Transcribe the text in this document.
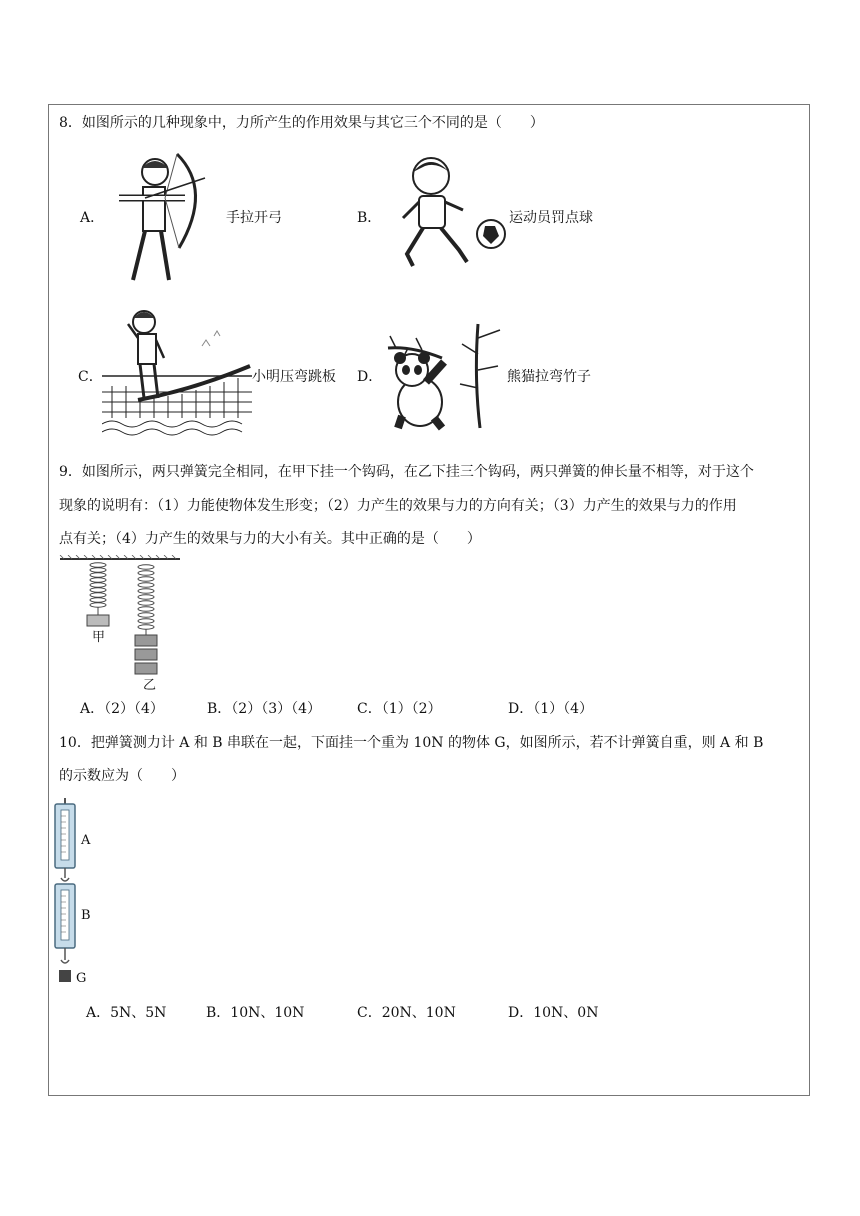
8．如图所示的几种现象中，力所产生的作用效果与其它三个不同的是（　　）
A．	手拉开弓	B．	运动员罚点球
C．	小明压弯跳板 D．	熊猫拉弯竹子
9．如图所示，两只弹簧完全相同，在甲下挂一个钩码，在乙下挂三个钩码，两只弹簧的伸长量不相等，对于这个
现象的说明有：（1）力能使物体发生形变；（2）力产生的效果与力的方向有关；（3）力产生的效果与力的作用
点有关；（4）力产生的效果与力的大小有关。其中正确的是（　　）
甲
乙
A．（2）（4）	B．（2）（3）（4）	C．（1）（2）	D．（1）（4）
10．把弹簧测力计 A 和 B 串联在一起，下面挂一个重为 10N 的物体 G，如图所示，若不计弹簧自重，则 A 和 B
的示数应为（　　）
A
B
G
A．5N、5N	B．10N、10N	C．20N、10N	D．10N、0N
